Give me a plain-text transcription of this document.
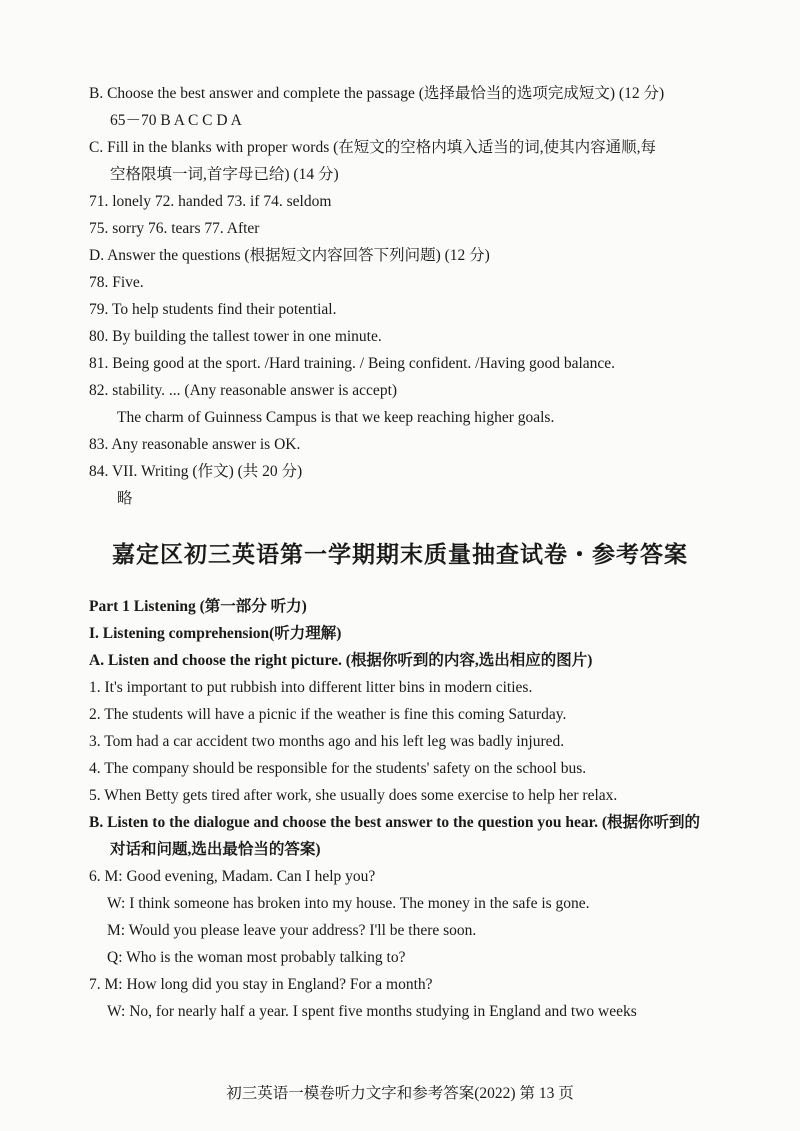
B. Choose the best answer and complete the passage (选择最恰当的选项完成短文) (12 分)
65－70 B A C C D A
C. Fill in the blanks with proper words (在短文的空格内填入适当的词,使其内容通顺,每
空格限填一词,首字母已给) (14 分)
71. lonely 72. handed 73. if 74. seldom
75. sorry 76. tears 77. After
D. Answer the questions (根据短文内容回答下列问题) (12 分)
78. Five.
79. To help students find their potential.
80. By building the tallest tower in one minute.
81. Being good at the sport. /Hard training. / Being confident. /Having good balance.
82. stability. ... (Any reasonable answer is accept)
The charm of Guinness Campus is that we keep reaching higher goals.
83. Any reasonable answer is OK.
84. VII. Writing (作文) (共 20 分)
略
嘉定区初三英语第一学期期末质量抽查试卷・参考答案
Part 1 Listening (第一部分 听力)
I. Listening comprehension(听力理解)
A. Listen and choose the right picture. (根据你听到的内容,选出相应的图片)
1. It's important to put rubbish into different litter bins in modern cities.
2. The students will have a picnic if the weather is fine this coming Saturday.
3. Tom had a car accident two months ago and his left leg was badly injured.
4. The company should be responsible for the students' safety on the school bus.
5. When Betty gets tired after work, she usually does some exercise to help her relax.
B. Listen to the dialogue and choose the best answer to the question you hear. (根据你听到的
对话和问题,选出最恰当的答案)
6. M: Good evening, Madam. Can I help you?
W: I think someone has broken into my house. The money in the safe is gone.
M: Would you please leave your address? I'll be there soon.
Q: Who is the woman most probably talking to?
7. M: How long did you stay in England? For a month?
W: No, for nearly half a year. I spent five months studying in England and two weeks
初三英语一模卷听力文字和参考答案(2022) 第 13 页
